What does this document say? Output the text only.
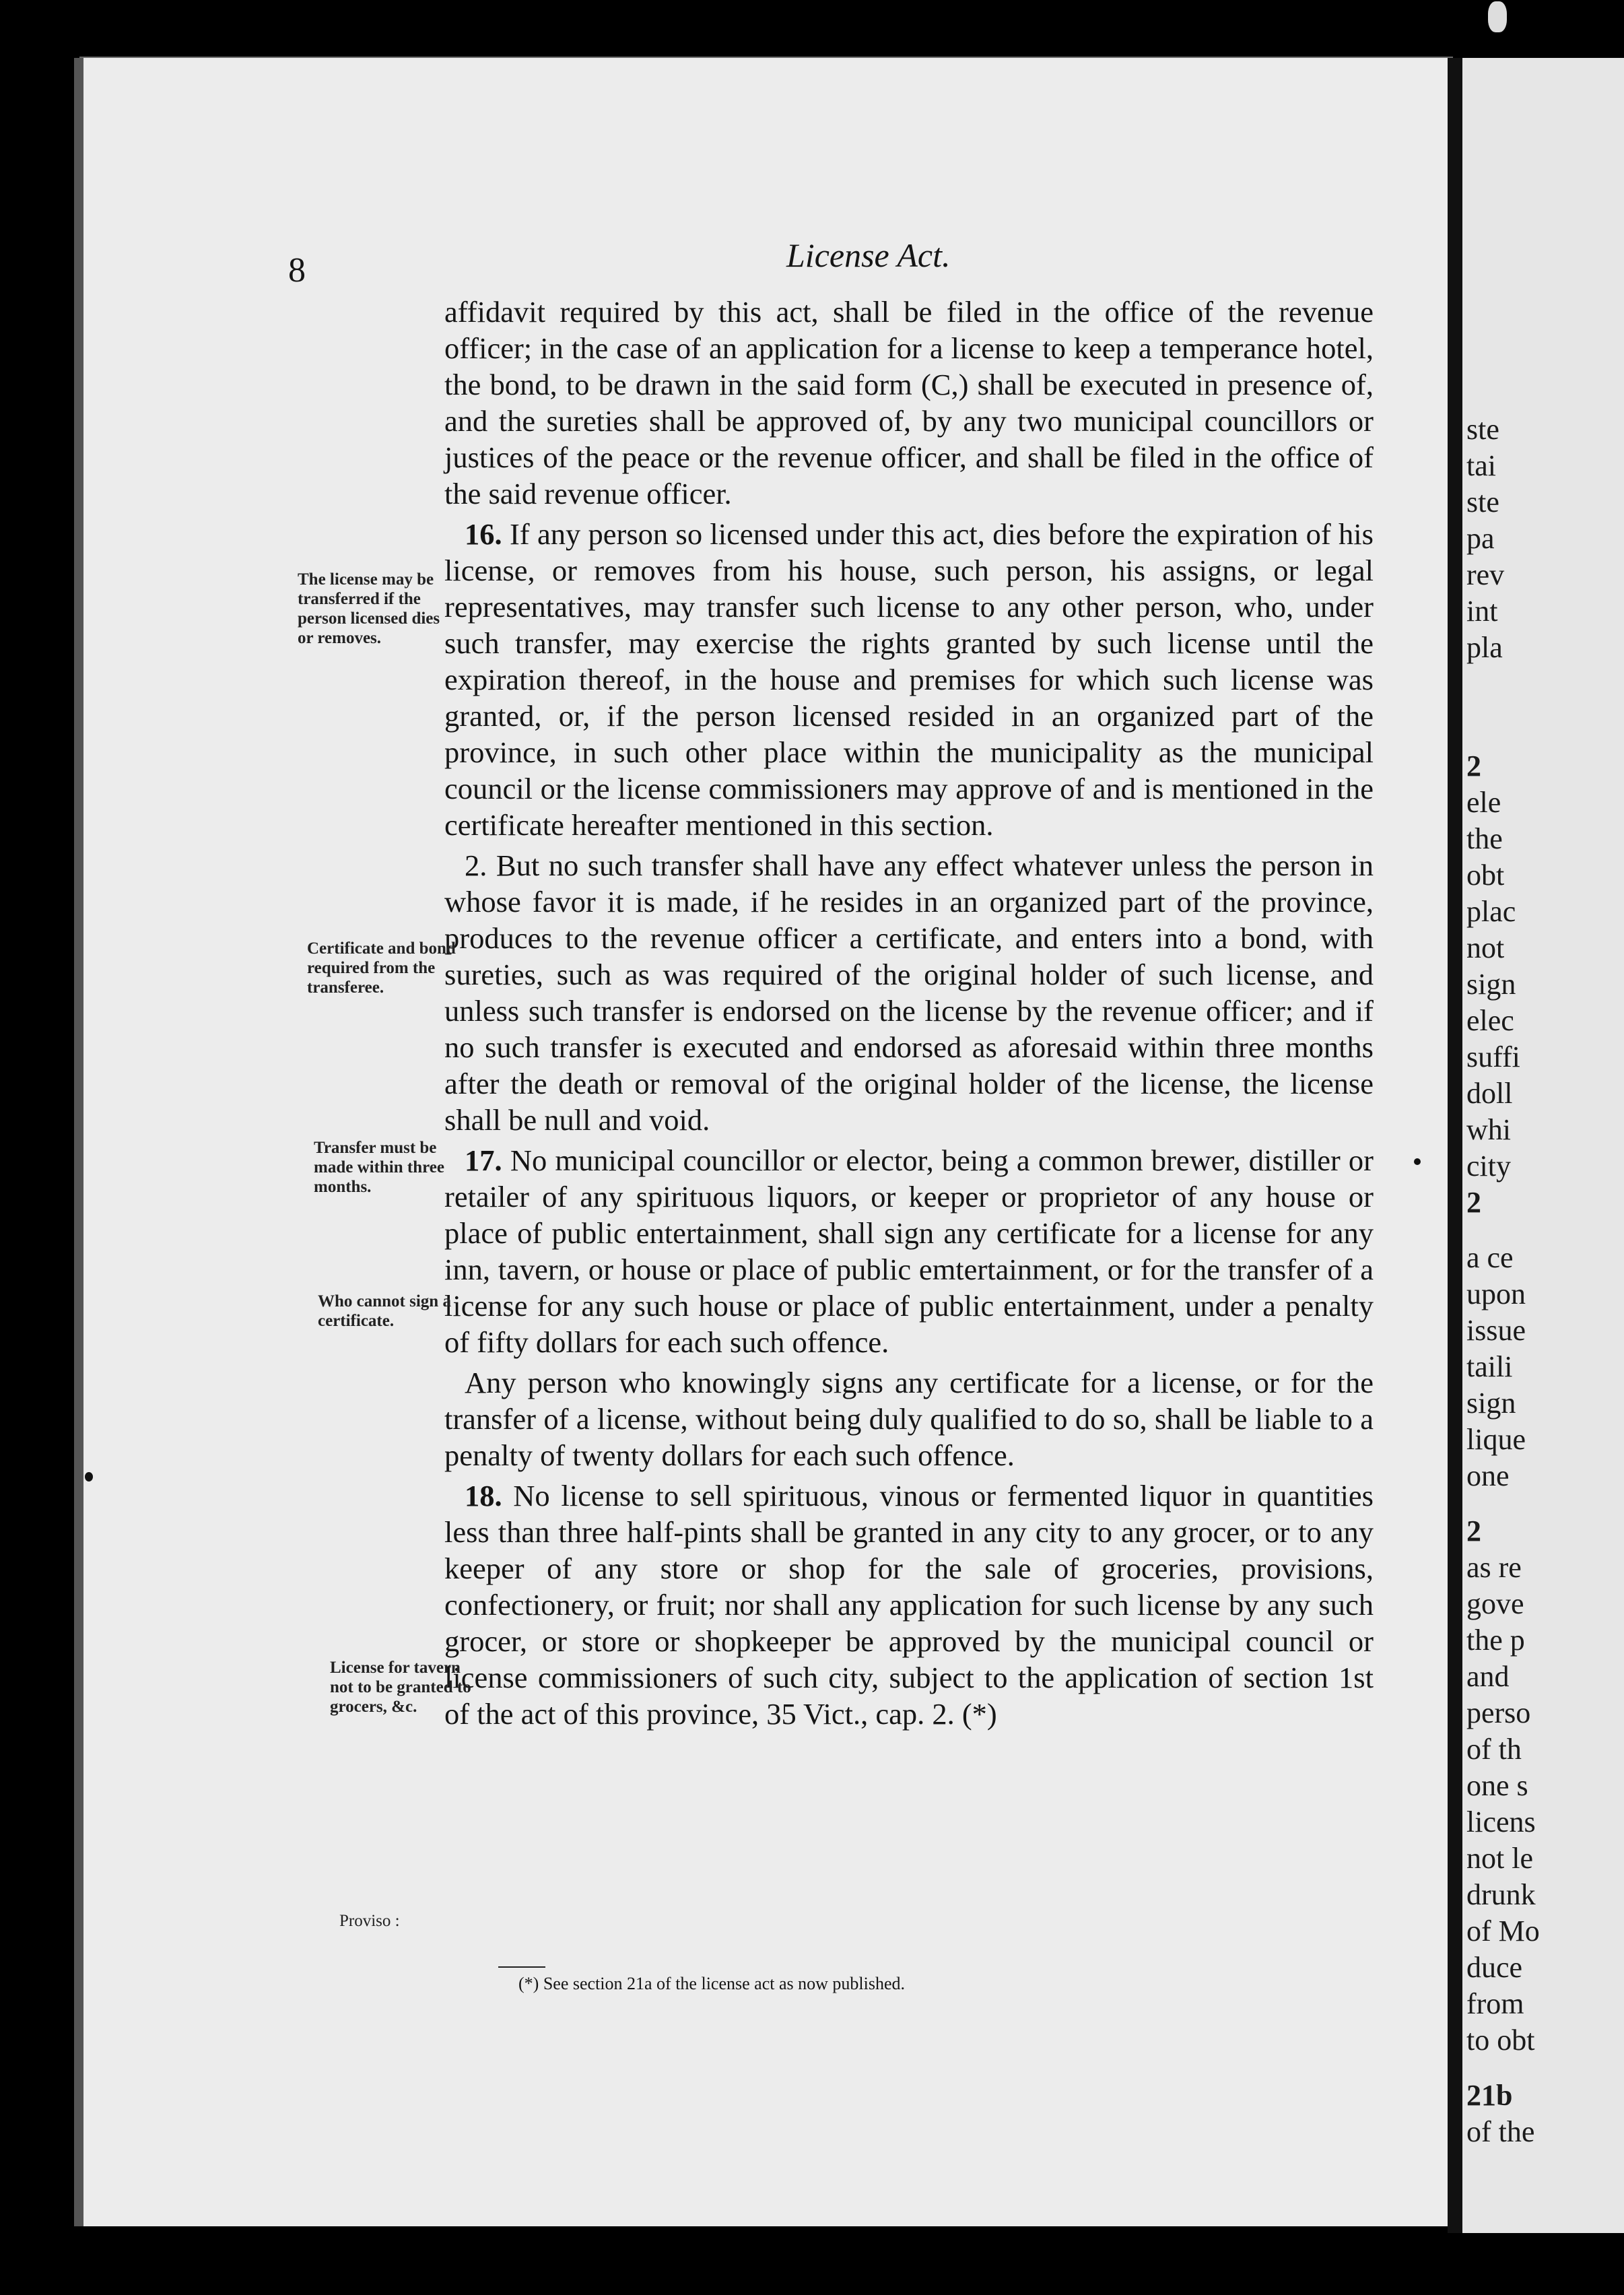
8	License Act.

affidavit required by this act, shall be filed in the office of the revenue officer; in the case of an application for a license to keep a temperance hotel, the bond, to be drawn in the said form (C,) shall be executed in presence of, and the sureties shall be approved of, by any two municipal councillors or justices of the peace or the revenue officer, and shall be filed in the office of the said revenue officer.

16. If any person so licensed under this act, dies before the expiration of his license, or removes from his house, such person, his assigns, or legal representatives, may transfer such license to any other person, who, under such transfer, may exercise the rights granted by such license until the expiration thereof, in the house and premises for which such license was granted, or, if the person licensed resided in an organized part of the province, in such other place within the municipality as the municipal council or the license commissioners may approve of and is mentioned in the certificate hereafter mentioned in this section.

2. But no such transfer shall have any effect whatever unless the person in whose favor it is made, if he resides in an organized part of the province, produces to the revenue officer a certificate, and enters into a bond, with sureties, such as was required of the original holder of such license, and unless such transfer is endorsed on the license by the revenue officer; and if no such transfer is executed and endorsed as aforesaid within three months after the death or removal of the original holder of the license, the license shall be null and void.

17. No municipal councillor or elector, being a common brewer, distiller or retailer of any spirituous liquors, or keeper or proprietor of any house or place of public entertainment, shall sign any certificate for a license for any inn, tavern, or house or place of public emtertainment, or for the transfer of a license for any such house or place of public entertainment, under a penalty of fifty dollars for each such offence.

Any person who knowingly signs any certificate for a license, or for the transfer of a license, without being duly qualified to do so, shall be liable to a penalty of twenty dollars for each such offence.

18. No license to sell spirituous, vinous or fermented liquor in quantities less than three half-pints shall be granted in any city to any grocer, or to any keeper of any store or shop for the sale of groceries, provisions, confectionery, or fruit; nor shall any application for such license by any such grocer, or store or shopkeeper be approved by the municipal council or license commissioners of such city, subject to the application of section 1st of the act of this province, 35 Vict., cap. 2. (*)

The license may be transferred if the person licensed dies or removes.
Certificate and bond required from the transferee.
Transfer must be made within three months.
Who cannot sign a certificate.
License for tavern not to be granted to grocers, &c.
Proviso :
(*) See section 21a of the license act as now published.
ste
tai
ste
pa
rev
int
pla
2
ele
the
obt
plac
not
sign
elec
suffi
doll
whi
city
2
a ce
upon
issue
taili
sign
lique
one
2
as re
gove
the p
and
perso
of th
one s
licens
not le
drunk
of Mo
duce
from
to obt
21b
of the
